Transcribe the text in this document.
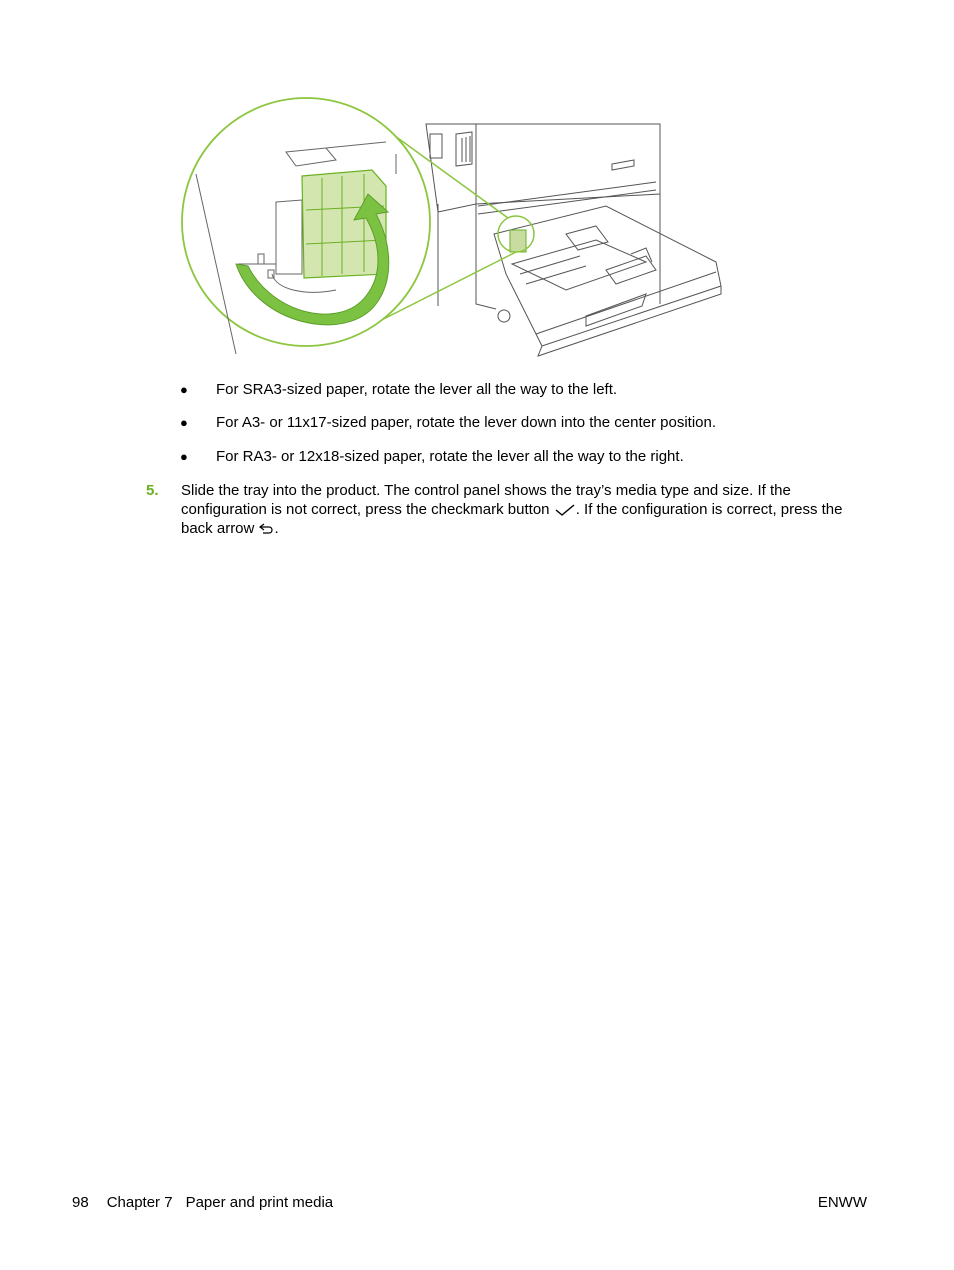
●	For SRA3-sized paper, rotate the lever all the way to the left.
●	For A3- or 11x17-sized paper, rotate the lever down into the center position.
●	For RA3- or 12x18-sized paper, rotate the lever all the way to the right.
5. Slide the tray into the product. The control panel shows the tray’s media type and size. If the configuration is not correct, press the checkmark button . If the configuration is correct, press the back arrow .
98 Chapter 7 Paper and print media	ENWW
